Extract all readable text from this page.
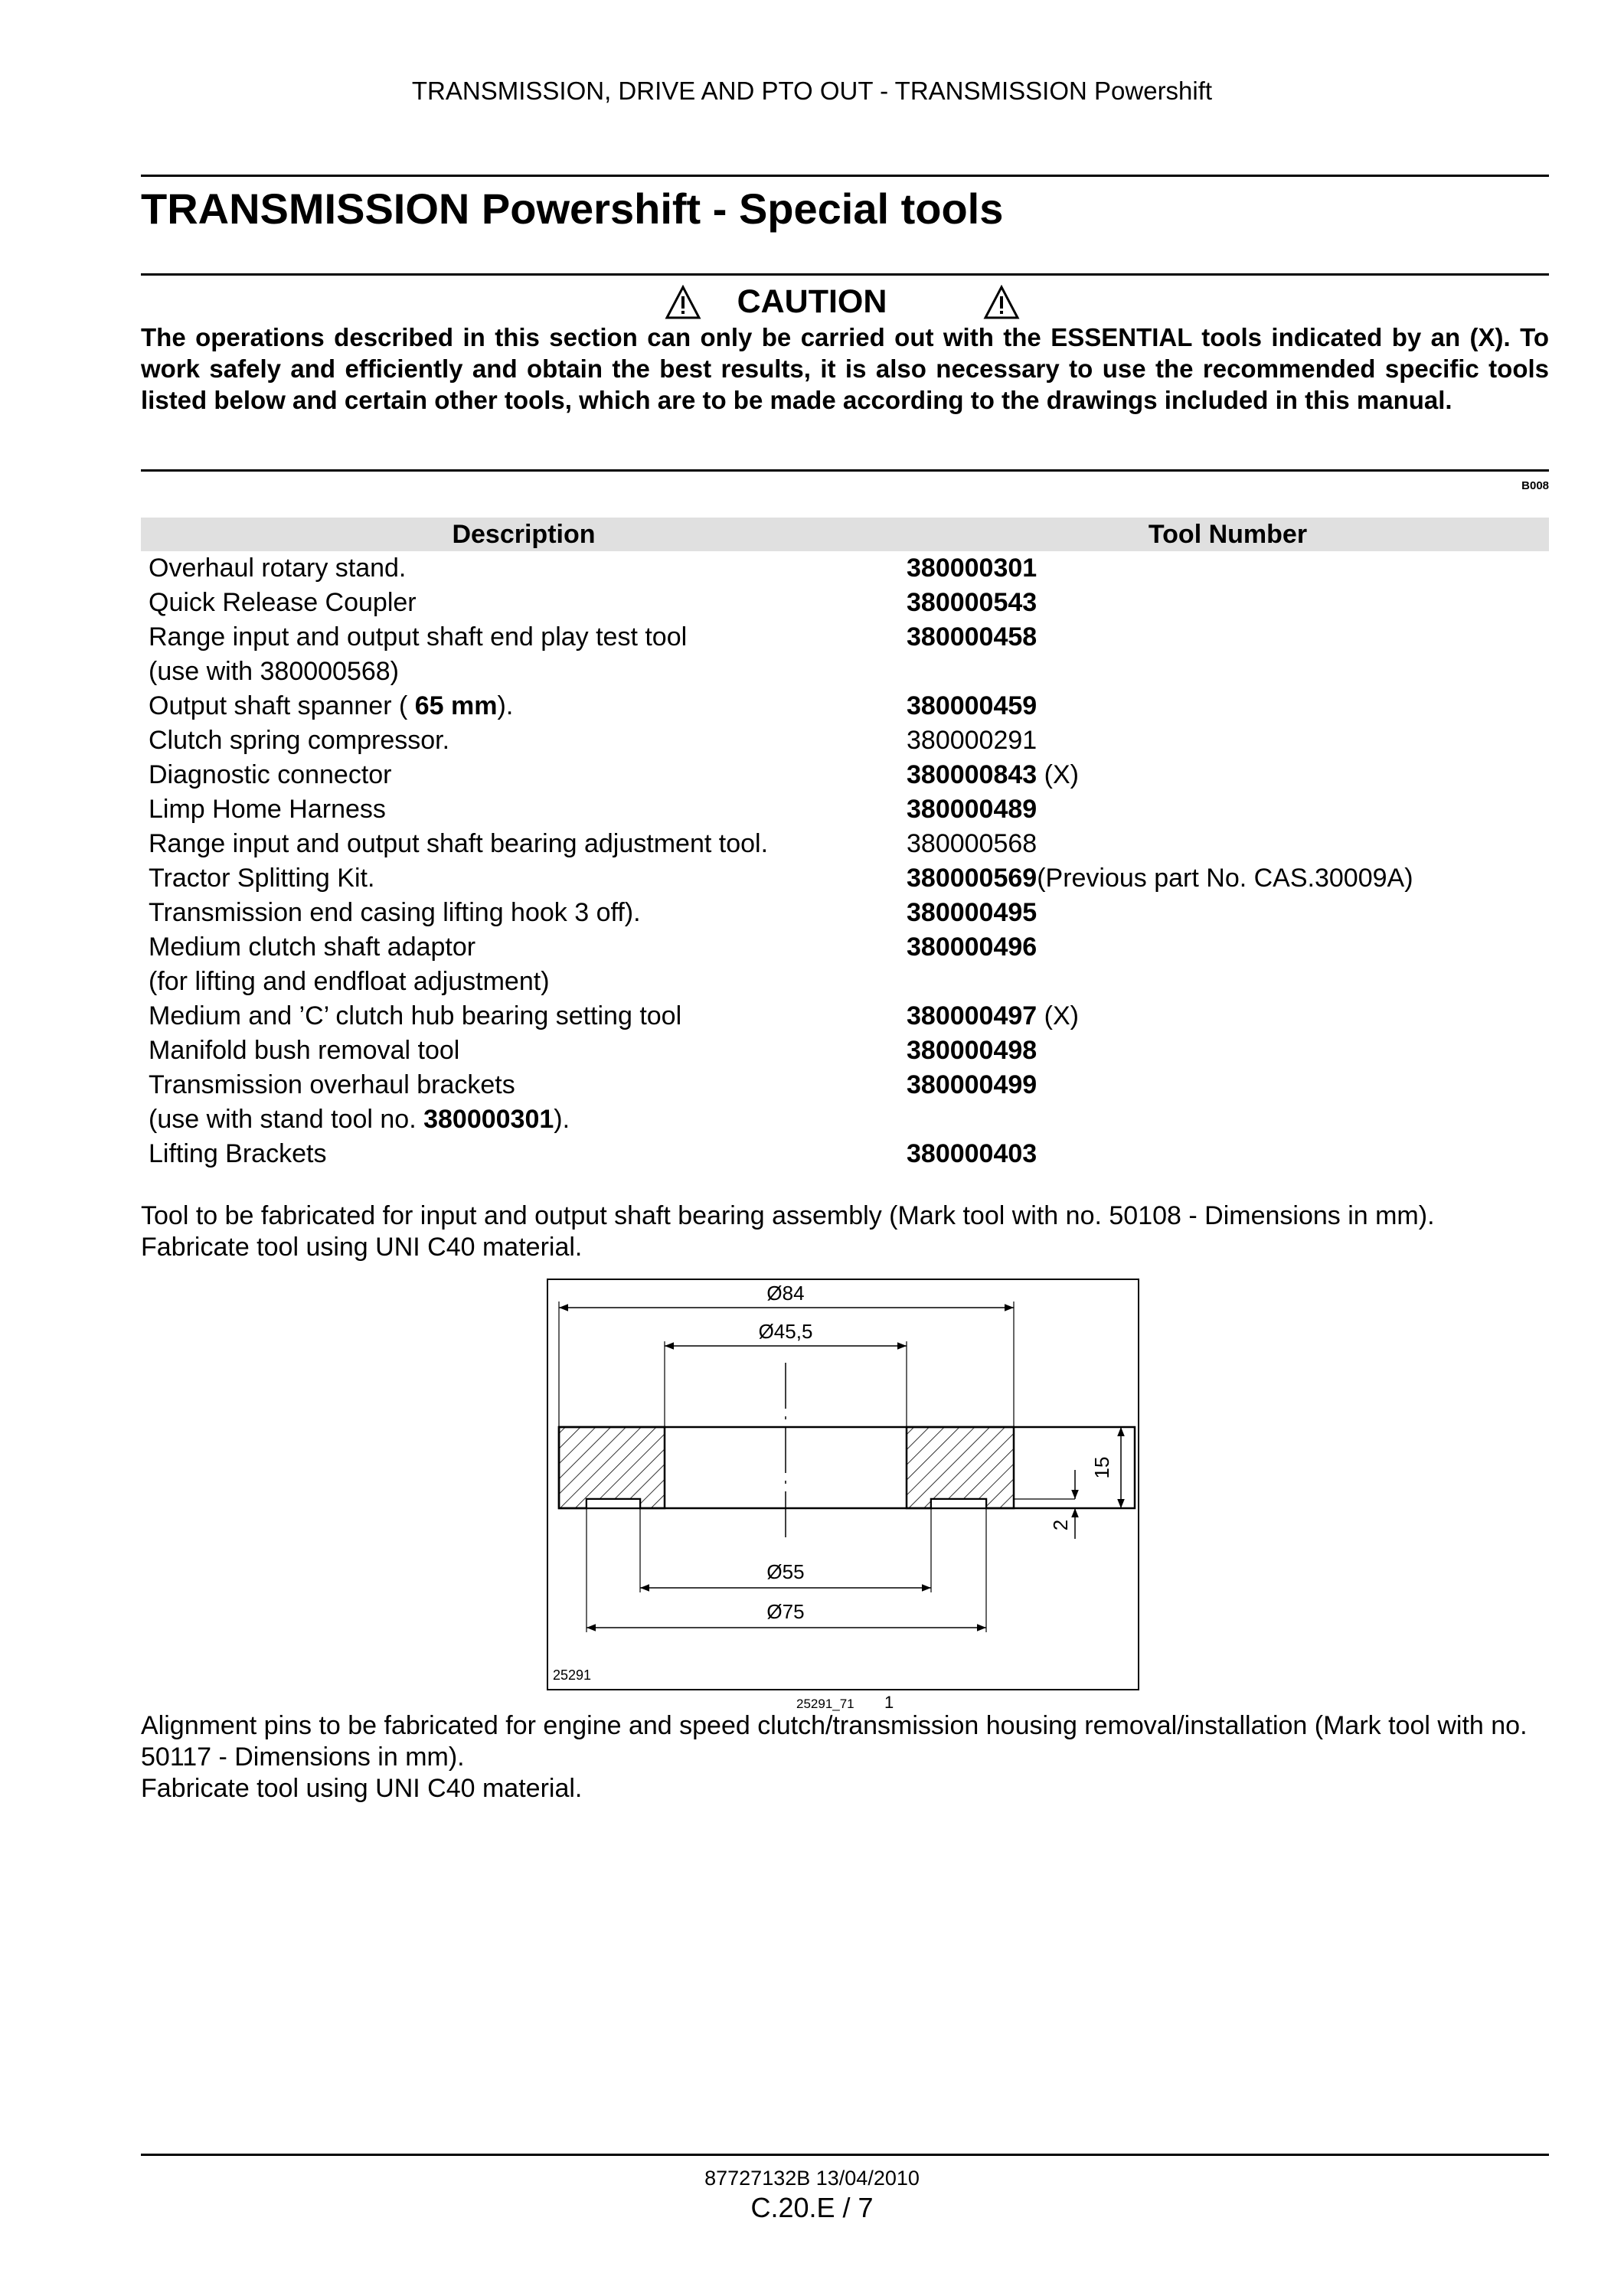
TRANSMISSION, DRIVE AND PTO OUT - TRANSMISSION Powershift
TRANSMISSION Powershift - Special tools
CAUTION
The operations described in this section can only be carried out with the ESSENTIAL tools indicated by an (X). To work safely and efficiently and obtain the best results, it is also necessary to use the recommended specific tools listed below and certain other tools, which are to be made according to the drawings included in this manual.
B008
Description	Tool Number

Overhaul rotary stand.	380000301

Quick Release Coupler	380000543

Range input and output shaft end play test tool
(use with 380000568)	380000458

Output shaft spanner ( 65 mm).	380000459

Clutch spring compressor.	380000291

Diagnostic connector	380000843 (X)

Limp Home Harness	380000489

Range input and output shaft bearing adjustment tool.	380000568

Tractor Splitting Kit.	380000569(Previous part No. CAS.30009A)

Transmission end casing lifting hook 3 off).	380000495

Medium clutch shaft adaptor
(for lifting and endfloat adjustment)	380000496

Medium and ’C’ clutch hub bearing setting tool	380000497 (X)

Manifold bush removal tool	380000498

Transmission overhaul brackets
(use with stand tool no. 380000301).	380000499

Lifting Brackets	380000403
Tool to be fabricated for input and output shaft bearing assembly (Mark tool with no. 50108 - Dimensions in mm).
Fabricate tool using UNI C40 material.
Ø84
Ø45,5
Ø55
Ø75
15
2
25291
25291_71 1
Alignment pins to be fabricated for engine and speed clutch/transmission housing removal/installation (Mark tool with no. 50117 - Dimensions in mm).
Fabricate tool using UNI C40 material.
87727132B 13/04/2010
C.20.E / 7
